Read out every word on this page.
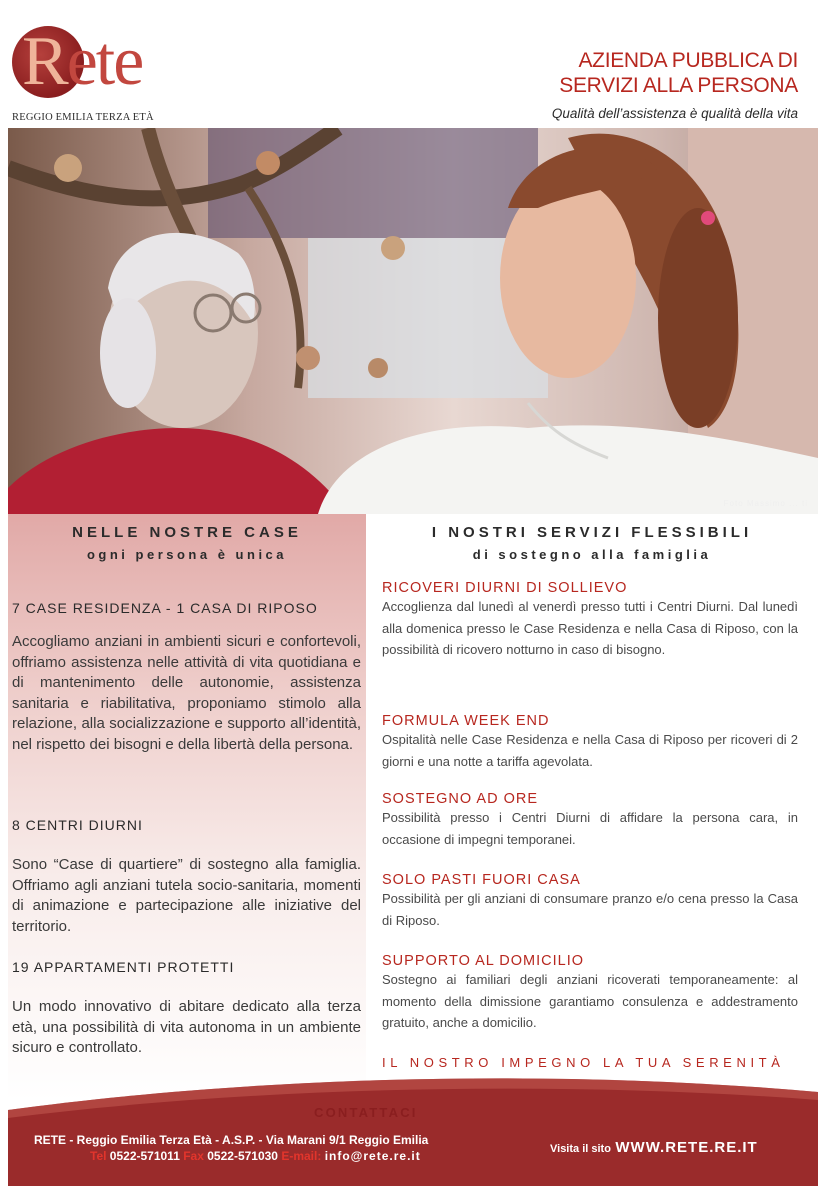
Rete
REGGIO EMILIA TERZA ETÀ
AZIENDA PUBBLICA DI
SERVIZI ALLA PERSONA
Qualità dell’assistenza è qualità della vita
Foto Massimo ... ti
NELLE NOSTRE CASE
ogni persona è unica
7 CASE RESIDENZA - 1 CASA DI RIPOSO
Accogliamo anziani in ambienti sicuri e confortevoli, offriamo assistenza nelle attività di vita quotidiana e di mantenimento delle autonomie, assistenza sanitaria e riabilitativa, proponiamo stimolo alla relazione, alla socializzazione e supporto all’identità, nel rispetto dei bisogni e della libertà della persona.
8 CENTRI DIURNI
Sono “Case di quartiere” di sostegno alla famiglia. Offriamo agli anziani tutela socio-sanitaria, momenti di animazione e partecipazione alle iniziative del territorio.
19 APPARTAMENTI PROTETTI
Un modo innovativo di abitare dedicato alla terza età, una possibilità di vita autonoma in un ambiente sicuro e controllato.
I NOSTRI SERVIZI FLESSIBILI
di sostegno alla famiglia
RICOVERI DIURNI DI SOLLIEVO
Accoglienza dal lunedì al venerdì presso tutti i Centri Diurni. Dal lunedì alla domenica presso le Case Residenza e nella Casa di Riposo, con la possibilità di ricovero notturno in caso di bisogno.
FORMULA WEEK END
Ospitalità nelle Case Residenza e nella Casa di Riposo per ricoveri di 2 giorni e una notte a tariffa agevolata.
SOSTEGNO AD ORE
Possibilità presso i Centri Diurni di affidare la persona cara, in occasione di impegni temporanei.
SOLO PASTI FUORI CASA
Possibilità per gli anziani di consumare pranzo e/o cena presso la Casa di Riposo.
SUPPORTO AL DOMICILIO
Sostegno ai familiari degli anziani ricoverati temporaneamente: al momento della dimissione garantiamo consulenza e addestramento gratuito, anche a domicilio.
IL NOSTRO IMPEGNO LA TUA SERENITÀ
CONTATTACI
RETE - Reggio Emilia Terza Età - A.S.P. - Via Marani 9/1 Reggio Emilia
Tel 0522-571011 Fax 0522-571030 E-mail: info@rete.re.it	Visita il sito WWW.RETE.RE.IT
